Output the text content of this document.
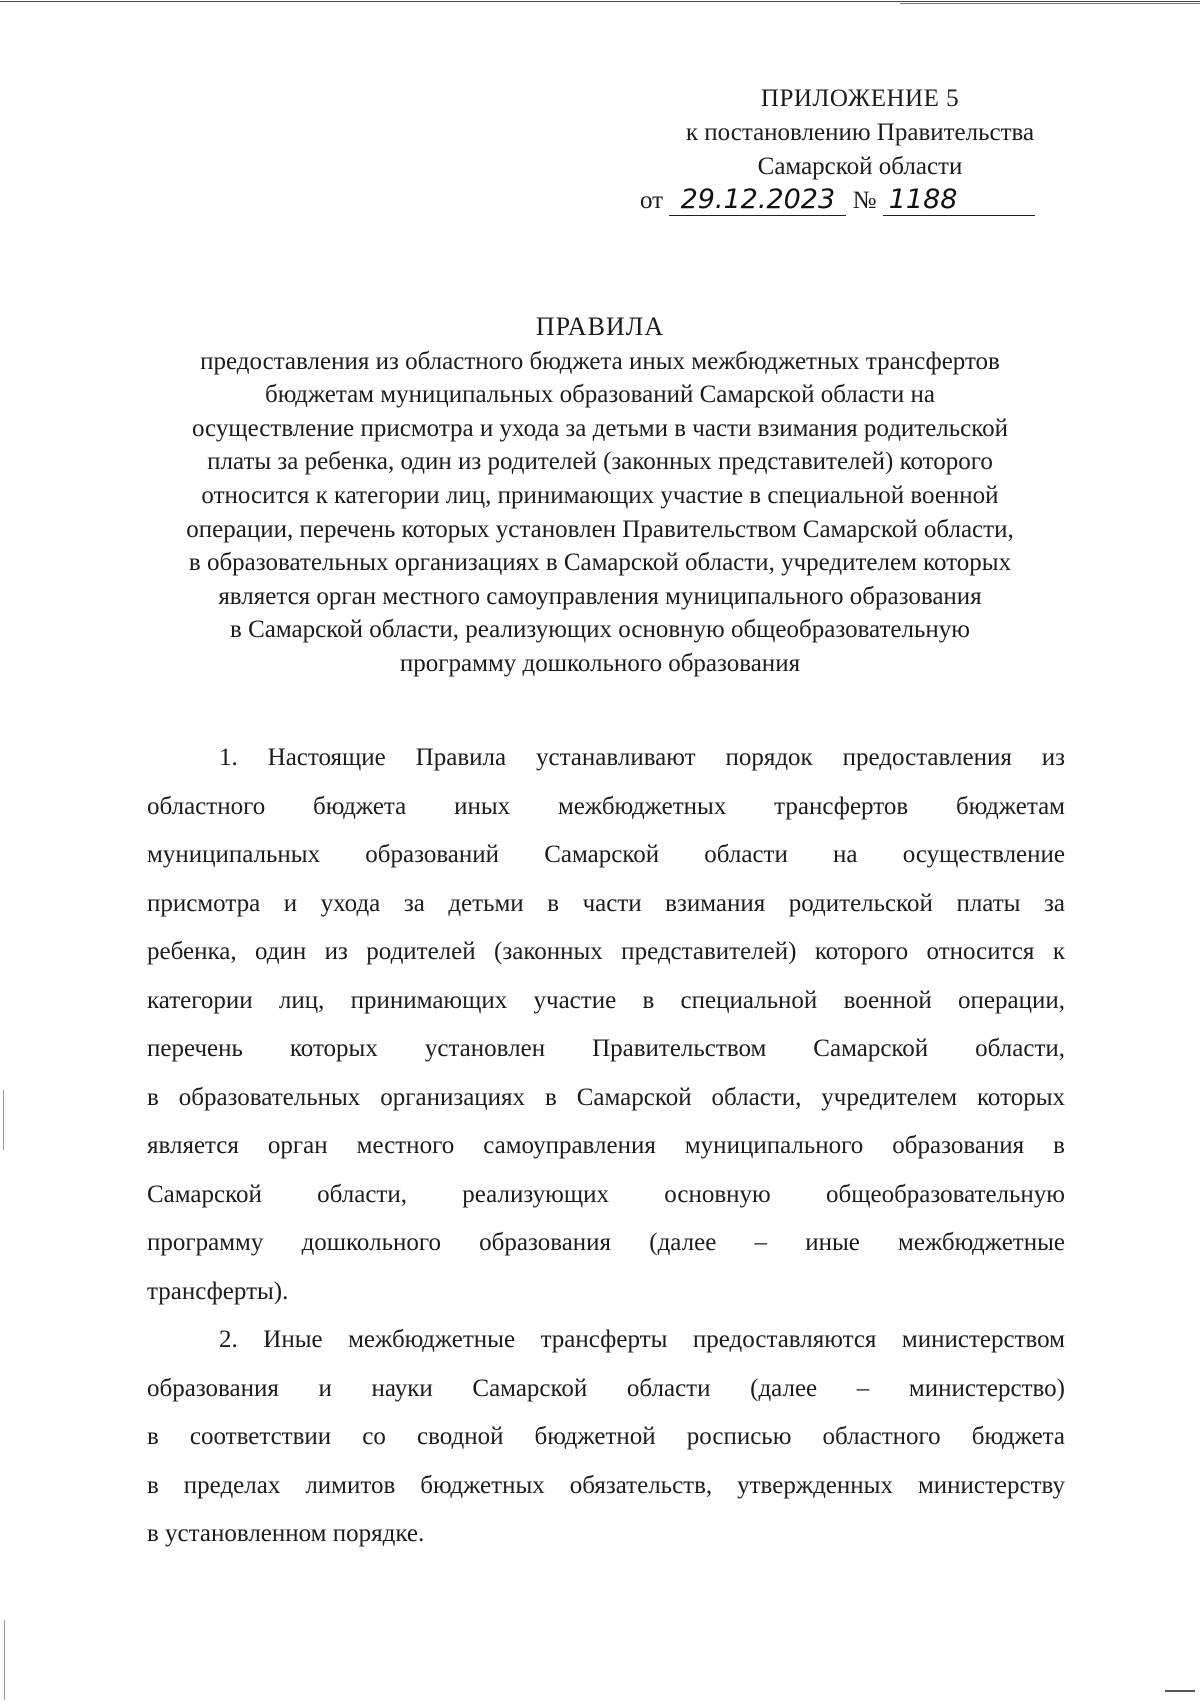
ПРИЛОЖЕНИЕ 5
к постановлению Правительства
Самарской области
от 29.12.2023 № 1188
ПРАВИЛА
предоставления из областного бюджета иных межбюджетных трансфертов
бюджетам муниципальных образований Самарской области на
осуществление присмотра и ухода за детьми в части взимания родительской
платы за ребенка, один из родителей (законных представителей) которого
относится к категории лиц, принимающих участие в специальной военной
операции, перечень которых установлен Правительством Самарской области,
в образовательных организациях в Самарской области, учредителем которых
является орган местного самоуправления муниципального образования
в Самарской области, реализующих основную общеобразовательную
программу дошкольного образования
1. Настоящие Правила устанавливают порядок предоставления из
областного бюджета иных межбюджетных трансфертов бюджетам
муниципальных образований Самарской области на осуществление
присмотра и ухода за детьми в части взимания родительской платы за
ребенка, один из родителей (законных представителей) которого относится к
категории лиц, принимающих участие в специальной военной операции,
перечень которых установлен Правительством Самарской области,
в образовательных организациях в Самарской области, учредителем которых
является орган местного самоуправления муниципального образования в
Самарской области, реализующих основную общеобразовательную
программу дошкольного образования (далее – иные межбюджетные
трансферты).
2. Иные межбюджетные трансферты предоставляются министерством
образования и науки Самарской области (далее – министерство)
в соответствии со сводной бюджетной росписью областного бюджета
в пределах лимитов бюджетных обязательств, утвержденных министерству
в установленном порядке.
